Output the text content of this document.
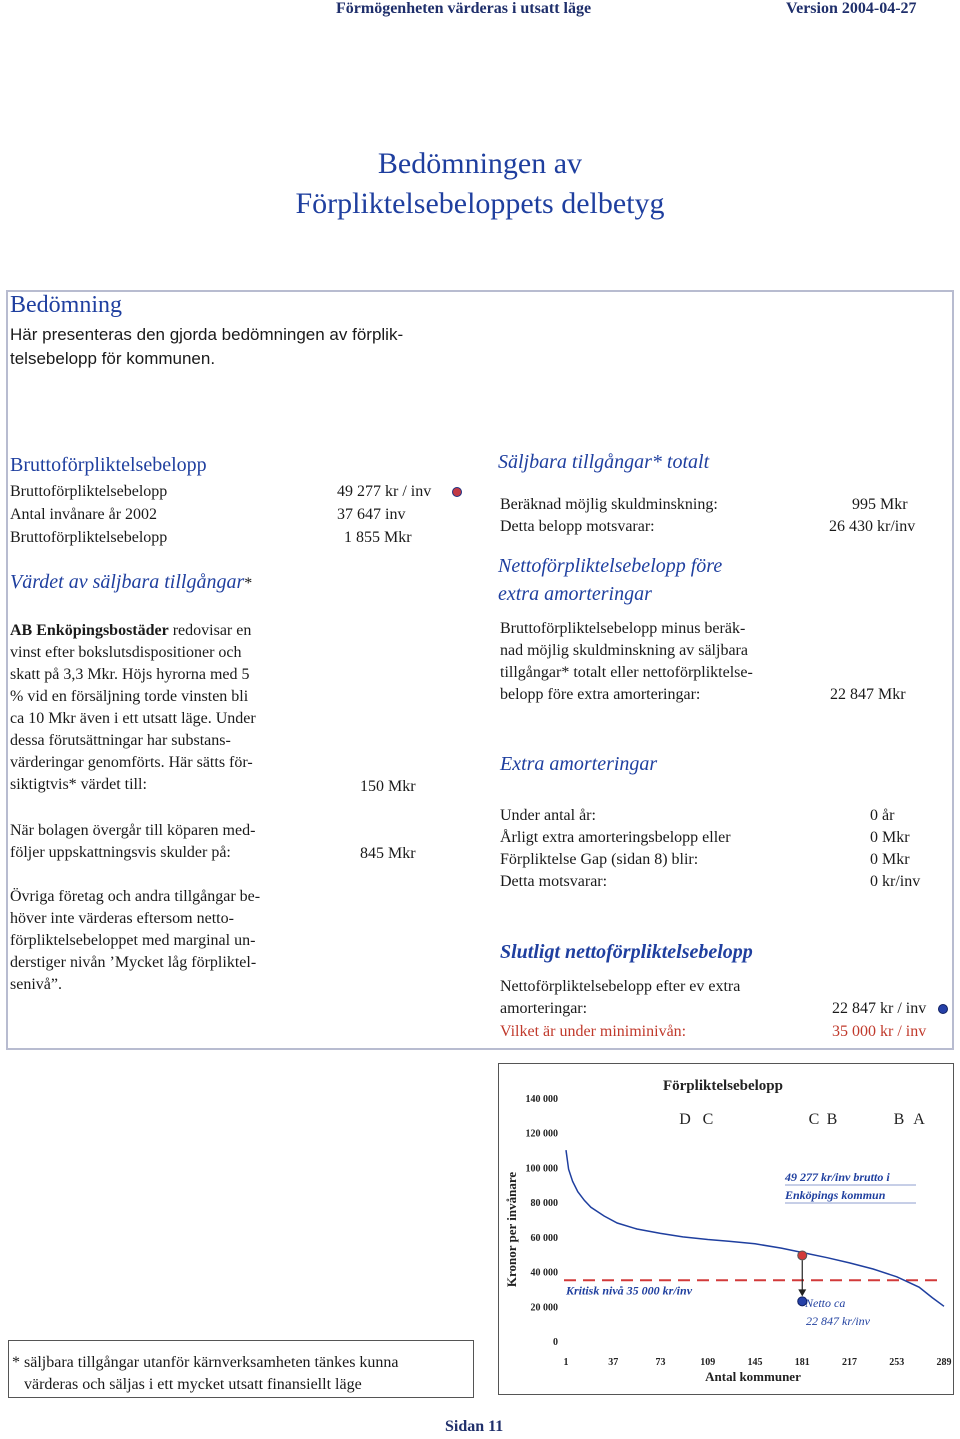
Förmögenheten värderas i utsatt läge	Version 2004-04-27
Bedömningen av
Förpliktelsebeloppets delbetyg
Bedömning
Här presenteras den gjorda bedömningen av förplik-
telsebelopp för kommunen.
Bruttoförpliktelsebelopp
Bruttoförpliktelsebelopp	49 277 kr / inv
Antal invånare år 2002	37 647 inv
Bruttoförpliktelsebelopp	1 855 Mkr
Värdet av säljbara tillgångar*
AB Enköpingsbostäder redovisar en
vinst efter bokslutsdispositioner och
skatt på 3,3 Mkr. Höjs hyrorna med 5
% vid en försäljning torde vinsten bli
ca 10 Mkr även i ett utsatt läge. Under
dessa förutsättningar har substans-
värderingar genomförts. Här sätts för-
siktigtvis* värdet till:	150 Mkr
När bolagen övergår till köparen med-
följer uppskattningsvis skulder på:	845 Mkr
Övriga företag och andra tillgångar be-
höver inte värderas eftersom netto-
förpliktelsebeloppet med marginal un-
derstiger nivån ’Mycket låg förpliktel-
senivå”.
Säljbara tillgångar* totalt
Beräknad möjlig skuldminskning:	995 Mkr
Detta belopp motsvarar:	26 430 kr/inv
Nettoförpliktelsebelopp före
extra amorteringar
Bruttoförpliktelsebelopp minus beräk-
nad möjlig skuldminskning av säljbara
tillgångar* totalt eller nettoförpliktelse-
belopp före extra amorteringar:	22 847 Mkr
Extra amorteringar
Under antal år:	0 år
Årligt extra amorteringsbelopp eller	0 Mkr
Förpliktelse Gap (sidan 8) blir:	0 Mkr
Detta motsvarar:	0 kr/inv
Slutligt nettoförpliktelsebelopp
Nettoförpliktelsebelopp efter ev extra
amorteringar:	22 847 kr / inv
Vilket är under miniminivån:	35 000 kr / inv
Förpliktelsebelopp
0
20 000
40 000
60 000
80 000
100 000
120 000
140 000
Kronor per invånare
1	37	73	109	145	181	217	253	289
Antal kommuner
D C	C B	B A
Kritisk nivå 35 000 kr/inv
49 277 kr/inv brutto i
Enköpings kommun
Netto ca
22 847 kr/inv
* säljbara tillgångar utanför kärnverksamheten tänkes kunna
värderas och säljas i ett mycket utsatt finansiellt läge
Sidan 11
